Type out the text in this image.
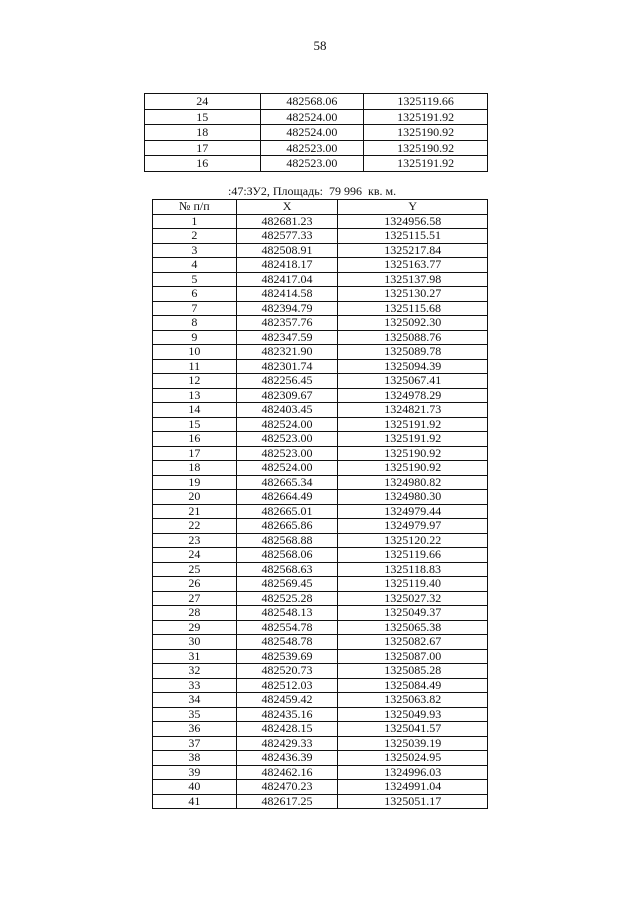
58
24	482568.06	1325119.66
15	482524.00	1325191.92
18	482524.00	1325190.92
17	482523.00	1325190.92
16	482523.00	1325191.92
:47:ЗУ2, Площадь:  79 996  кв. м.
№ п/п	X	Y
1	482681.23	1324956.58
2	482577.33	1325115.51
3	482508.91	1325217.84
4	482418.17	1325163.77
5	482417.04	1325137.98
6	482414.58	1325130.27
7	482394.79	1325115.68
8	482357.76	1325092.30
9	482347.59	1325088.76
10	482321.90	1325089.78
11	482301.74	1325094.39
12	482256.45	1325067.41
13	482309.67	1324978.29
14	482403.45	1324821.73
15	482524.00	1325191.92
16	482523.00	1325191.92
17	482523.00	1325190.92
18	482524.00	1325190.92
19	482665.34	1324980.82
20	482664.49	1324980.30
21	482665.01	1324979.44
22	482665.86	1324979.97
23	482568.88	1325120.22
24	482568.06	1325119.66
25	482568.63	1325118.83
26	482569.45	1325119.40
27	482525.28	1325027.32
28	482548.13	1325049.37
29	482554.78	1325065.38
30	482548.78	1325082.67
31	482539.69	1325087.00
32	482520.73	1325085.28
33	482512.03	1325084.49
34	482459.42	1325063.82
35	482435.16	1325049.93
36	482428.15	1325041.57
37	482429.33	1325039.19
38	482436.39	1325024.95
39	482462.16	1324996.03
40	482470.23	1324991.04
41	482617.25	1325051.17
